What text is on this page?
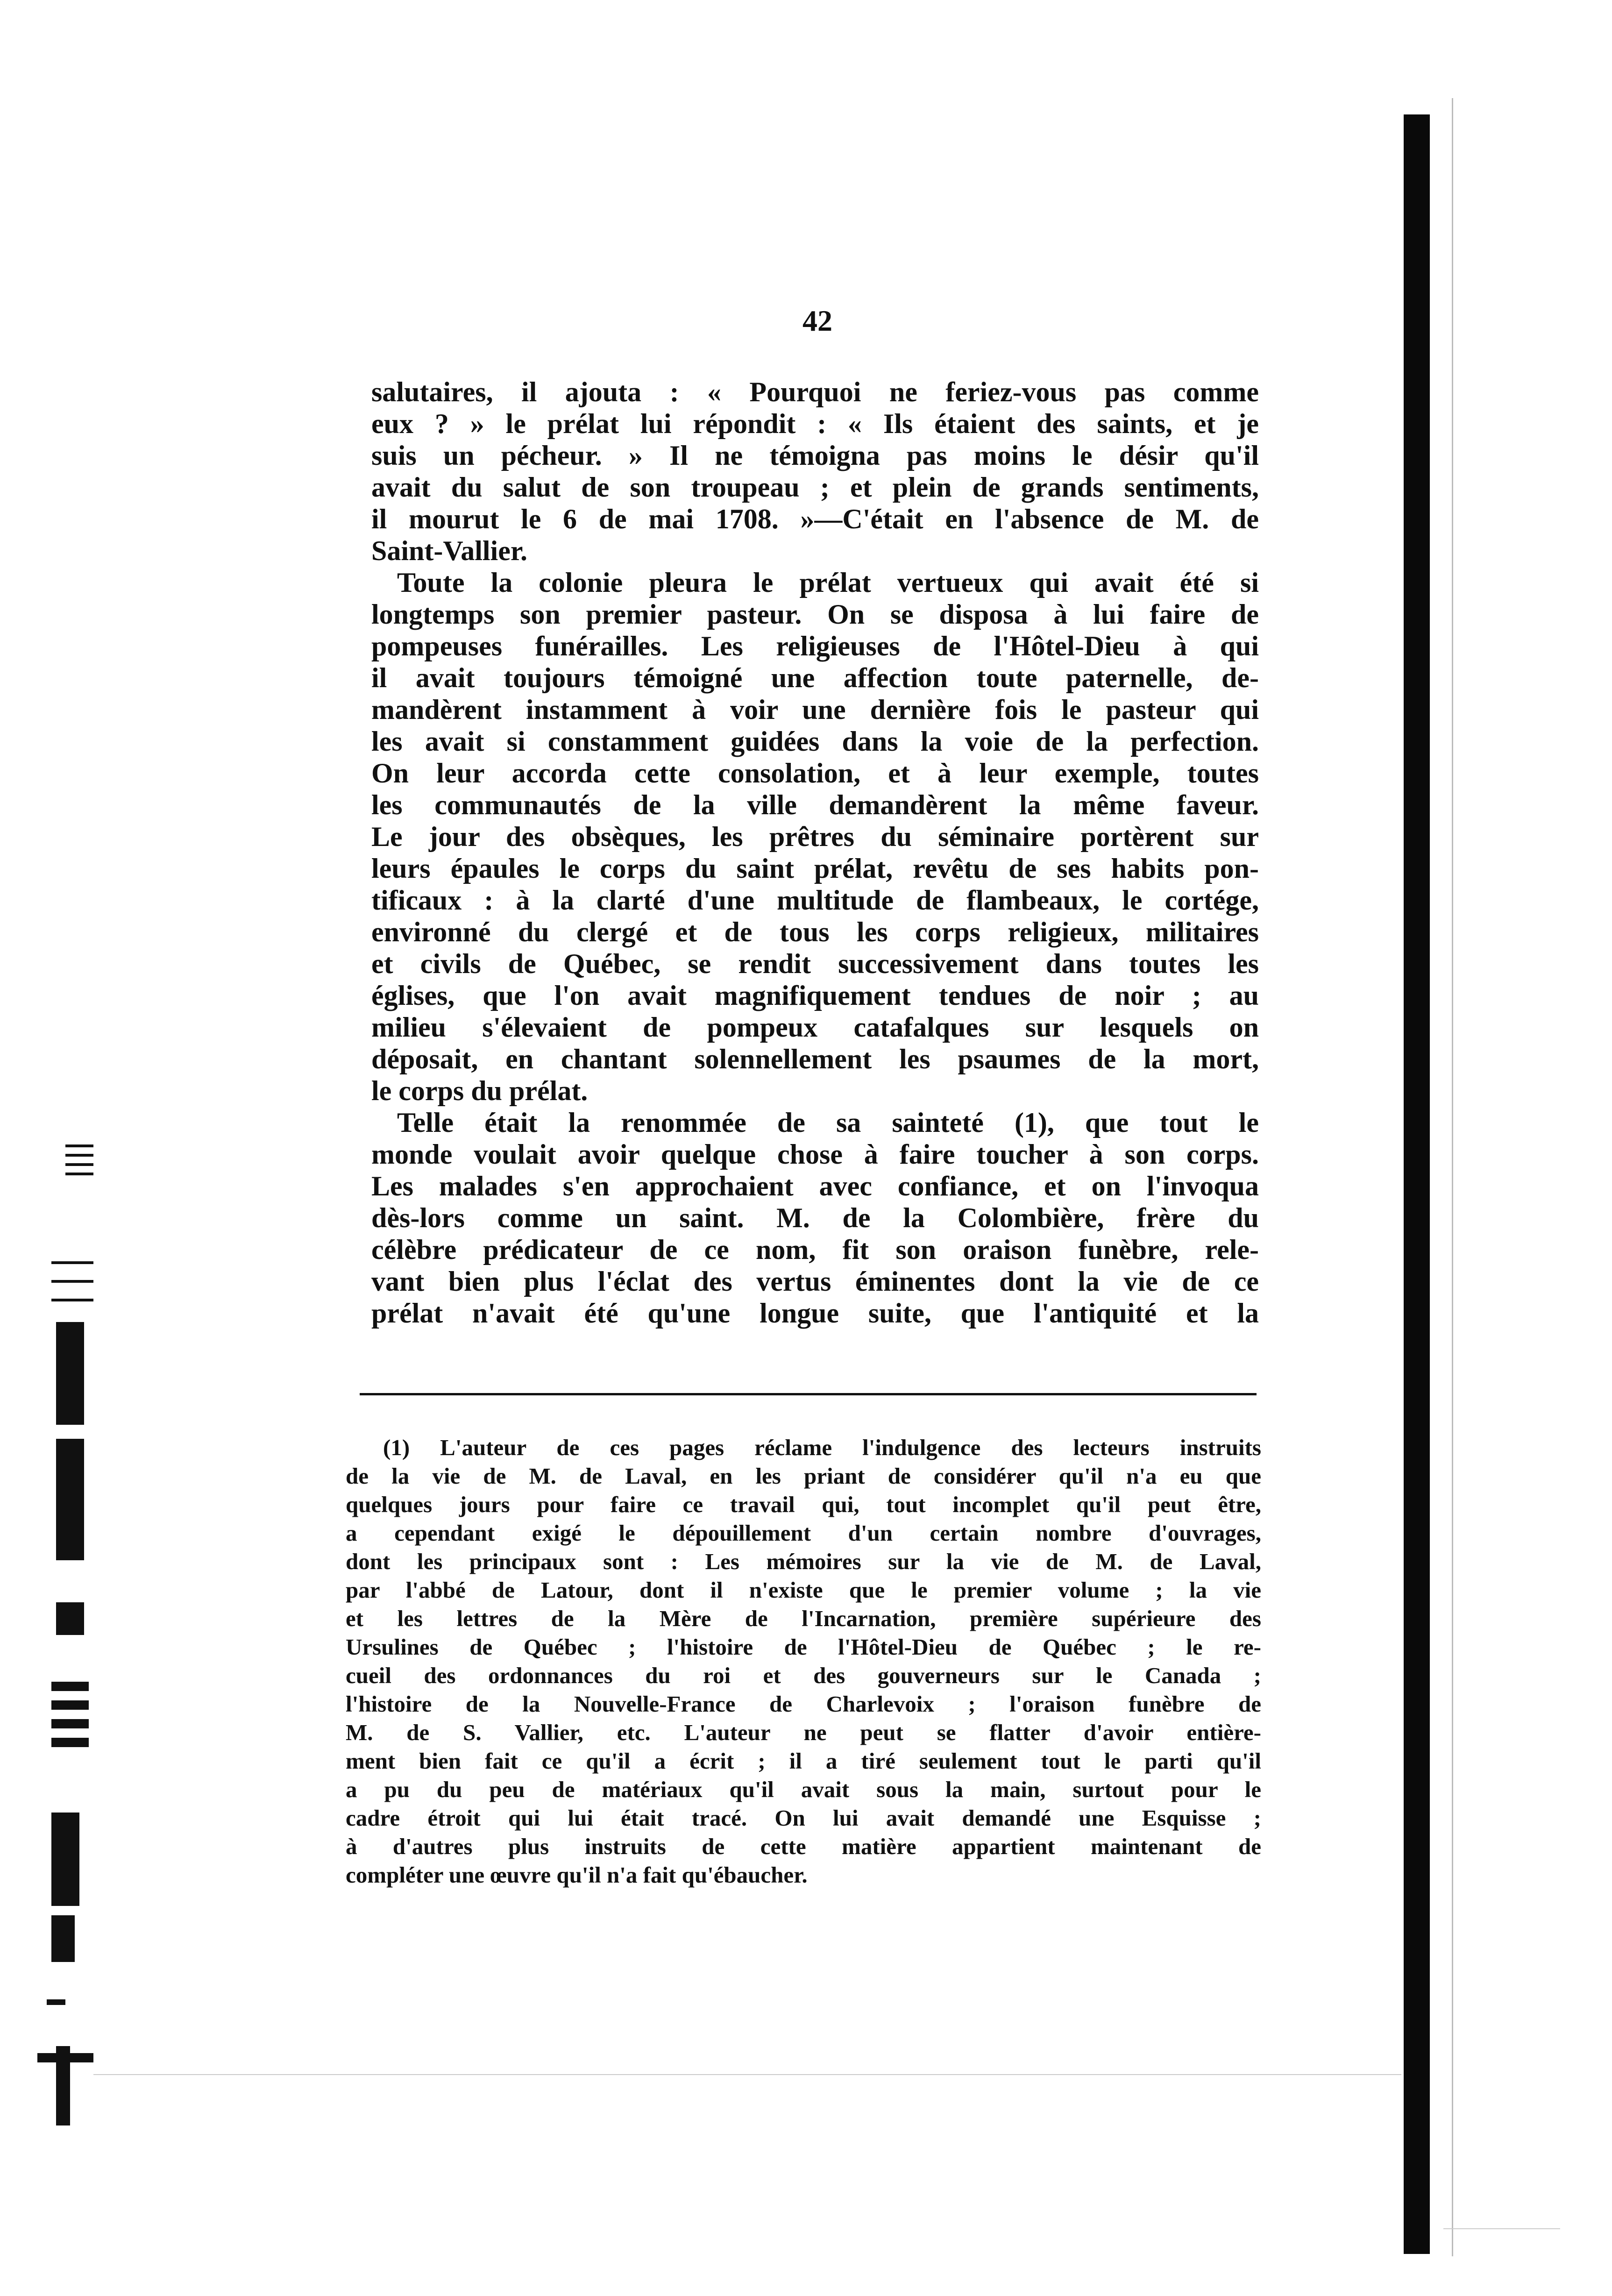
42
salutaires, il ajouta : « Pourquoi ne feriez-vous pas comme
eux ? » le prélat lui répondit : « Ils étaient des saints, et je
suis un pécheur. » Il ne témoigna pas moins le désir qu'il
avait du salut de son troupeau ; et plein de grands sentiments,
il mourut le 6 de mai 1708. »—C'était en l'absence de M. de
Saint-Vallier.
Toute la colonie pleura le prélat vertueux qui avait été si
longtemps son premier pasteur. On se disposa à lui faire de
pompeuses funérailles. Les religieuses de l'Hôtel-Dieu à qui
il avait toujours témoigné une affection toute paternelle, de-
mandèrent instamment à voir une dernière fois le pasteur qui
les avait si constamment guidées dans la voie de la perfection.
On leur accorda cette consolation, et à leur exemple, toutes
les communautés de la ville demandèrent la même faveur.
Le jour des obsèques, les prêtres du séminaire portèrent sur
leurs épaules le corps du saint prélat, revêtu de ses habits pon-
tificaux : à la clarté d'une multitude de flambeaux, le cortége,
environné du clergé et de tous les corps religieux, militaires
et civils de Québec, se rendit successivement dans toutes les
églises, que l'on avait magnifiquement tendues de noir ; au
milieu s'élevaient de pompeux catafalques sur lesquels on
déposait, en chantant solennellement les psaumes de la mort,
le corps du prélat.
Telle était la renommée de sa sainteté (1), que tout le
monde voulait avoir quelque chose à faire toucher à son corps.
Les malades s'en approchaient avec confiance, et on l'invoqua
dès-lors comme un saint. M. de la Colombière, frère du
célèbre prédicateur de ce nom, fit son oraison funèbre, rele-
vant bien plus l'éclat des vertus éminentes dont la vie de ce
prélat n'avait été qu'une longue suite, que l'antiquité et la
(1) L'auteur de ces pages réclame l'indulgence des lecteurs instruits
de la vie de M. de Laval, en les priant de considérer qu'il n'a eu que
quelques jours pour faire ce travail qui, tout incomplet qu'il peut être,
a cependant exigé le dépouillement d'un certain nombre d'ouvrages,
dont les principaux sont : Les mémoires sur la vie de M. de Laval,
par l'abbé de Latour, dont il n'existe que le premier volume ; la vie
et les lettres de la Mère de l'Incarnation, première supérieure des
Ursulines de Québec ; l'histoire de l'Hôtel-Dieu de Québec ; le re-
cueil des ordonnances du roi et des gouverneurs sur le Canada ;
l'histoire de la Nouvelle-France de Charlevoix ; l'oraison funèbre de
M. de S. Vallier, etc. L'auteur ne peut se flatter d'avoir entière-
ment bien fait ce qu'il a écrit ; il a tiré seulement tout le parti qu'il
a pu du peu de matériaux qu'il avait sous la main, surtout pour le
cadre étroit qui lui était tracé. On lui avait demandé une Esquisse ;
à d'autres plus instruits de cette matière appartient maintenant de
compléter une œuvre qu'il n'a fait qu'ébaucher.
